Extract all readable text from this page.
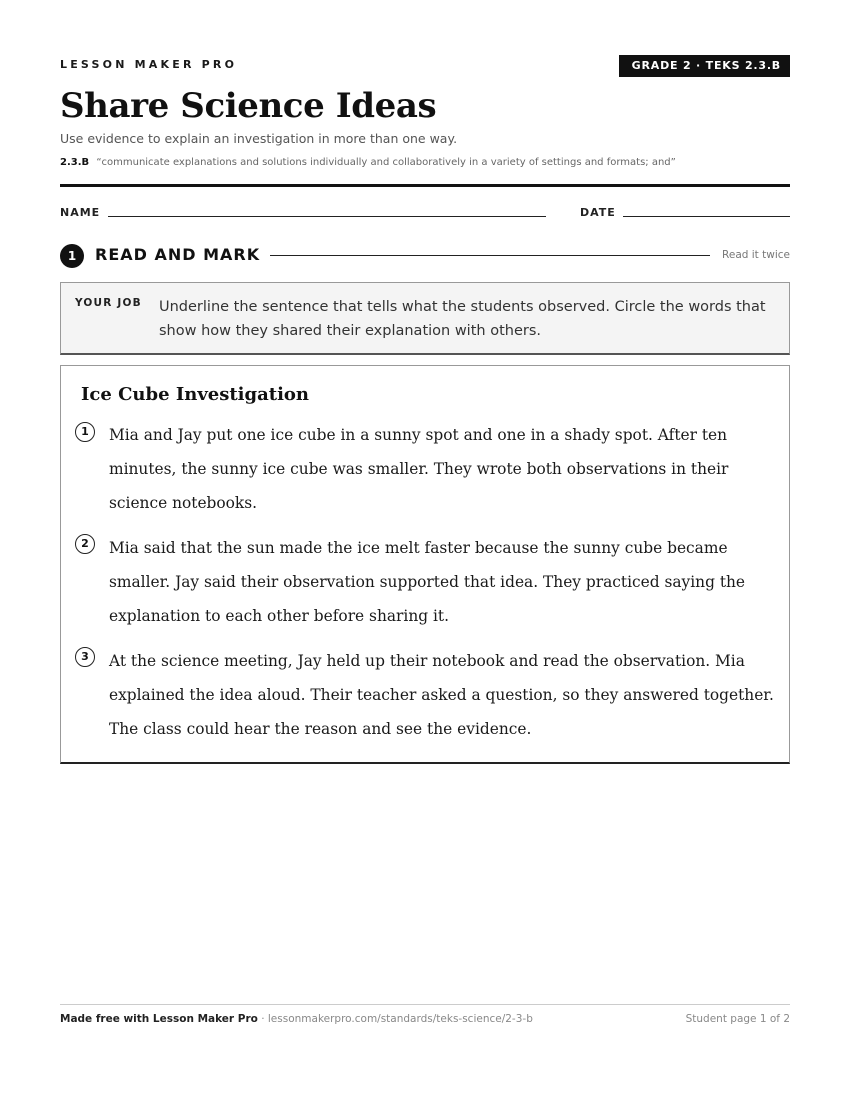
LESSON MAKER PRO	GRADE 2 · TEKS 2.3.B
Share Science Ideas
Use evidence to explain an investigation in more than one way.
2.3.B “communicate explanations and solutions individually and collaboratively in a variety of settings and formats; and”
NAME	DATE
1	READ AND MARK	Read it twice
YOUR JOB Underline the sentence that tells what the students observed. Circle the words that show how they shared their explanation with others.
Ice Cube Investigation
1	Mia and Jay put one ice cube in a sunny spot and one in a shady spot. After ten minutes, the sunny ice cube was smaller. They wrote both observations in their science notebooks.

2	Mia said that the sun made the ice melt faster because the sunny cube became smaller. Jay said their observation supported that idea. They practiced saying the explanation to each other before sharing it.

3	At the science meeting, Jay held up their notebook and read the observation. Mia explained the idea aloud. Their teacher asked a question, so they answered together. The class could hear the reason and see the evidence.

Made free with Lesson Maker Pro · lessonmakerpro.com/standards/teks-science/2-3-b	Student page 1 of 2
